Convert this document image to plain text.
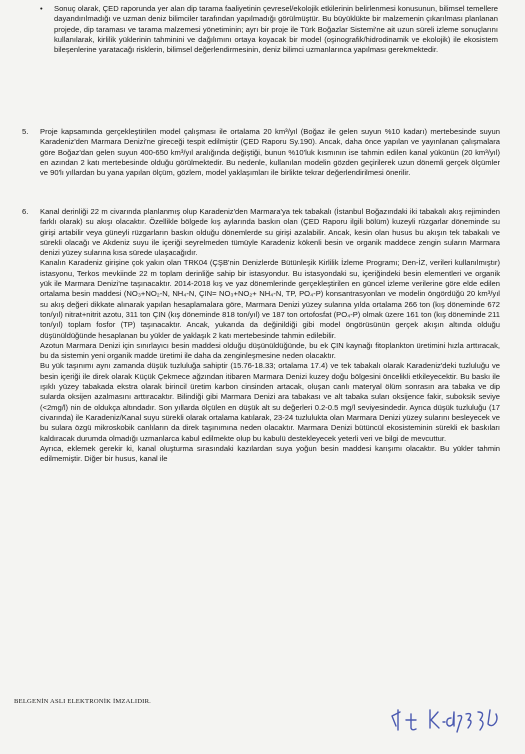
• Sonuç olarak, ÇED raporunda yer alan dip tarama faaliyetinin çevresel/ekolojik etkilerinin belirlenmesi konusunun, bilimsel temellere dayandırılmadığı ve uzman deniz bilimciler tarafından yapılmadığı görülmüştür. Bu büyüklükte bir malzemenin çıkarılması planlanan projede, dip taraması ve tarama malzemesi yönetiminin; ayrı bir proje ile Türk Boğazlar Sistemi'ne ait uzun süreli izleme sonuçlarını kullanılarak, kirlilik yüklerinin tahminini ve dağılımını ortaya koyacak bir model (oşinografik/hidrodinamik ve ekolojik) ile ekosistem bileşenlerine yaratacağı risklerin, bilimsel değerlendirmesinin, deniz bilimci uzmanlarınca yapılması gerekmektedir.
5. Proje kapsamında gerçekleştirilen model çalışması ile ortalama 20 km³/yıl (Boğaz ile gelen suyun %10 kadarı) mertebesinde suyun Karadeniz'den Marmara Denizi'ne gireceği tespit edilmiştir (ÇED Raporu Sy.190). Ancak, daha önce yapılan ve yayınlanan çalışmalara göre Boğaz'dan gelen suyun 400-650 km³/yıl aralığında değiştiği, bunun %10'luk kısmının ise tahmin edilen kanal yükünün (20 km³/yıl) en azından 2 katı mertebesinde olduğu görülmektedir. Bu nedenle, kullanılan modelin gözden geçirilerek uzun dönemli gerçek ölçümler ve 90'lı yıllardan bu yana yapılan ölçüm, gözlem, model yaklaşımları ile birlikte tekrar değerlendirilmesi önerilir.

6. Kanal derinliği 22 m civarında planlanmış olup Karadeniz'den Marmara'ya tek tabakalı (İstanbul Boğazındaki iki tabakalı akış rejiminden farklı olarak) su akışı olacaktır. Özellikle bölgede kış aylarında baskın olan (ÇED Raporu ilgili bölüm) kuzeyli rüzgarlar döneminde su girişi artabilir veya güneyli rüzgarların baskın olduğu dönemlerde su girişi azalabilir. Ancak, kesin olan husus bu akışın tek tabakalı ve sürekli olacağı ve Akdeniz suyu ile içeriği seyrelmeden tümüyle Karadeniz kökenli besin ve organik maddece zengin suların Marmara denizi yüzey sularına kısa sürede ulaşacağıdır.

Kanalın Karadeniz girişine çok yakın olan TRK04 (ÇŞB'nin Denizlerde Bütünleşik Kirlilik İzleme Programı; Den-İZ, verileri kullanılmıştır) istasyonu, Terkos mevkiinde 22 m toplam derinliğe sahip bir istasyondur. Bu istasyondaki su, içeriğindeki besin elementleri ve organik yük ile Marmara Denizi'ne taşınacaktır. 2014-2018 kış ve yaz dönemlerinde gerçekleştirilen en güncel izleme verilerine göre elde edilen ortalama besin maddesi (NO₃+NO₂-N, NH₄-N, ÇIN= NO₃+NO₂+ NH₄-N, TP, PO₄-P) konsantrasyonları ve modelin öngördüğü 20 km³/yıl su akış değeri dikkate alınarak yapılan hesaplamalara göre, Marmara Denizi yüzey sularına yılda ortalama 266 ton (kış döneminde 672 ton/yıl) nitrat+nitrit azotu, 311 ton ÇIN (kış döneminde 818 ton/yıl) ve 187 ton ortofosfat (PO₄-P) olmak üzere 161 ton (kış döneminde 211 ton/yıl) toplam fosfor (TP) taşınacaktır. Ancak, yukarıda da değinildiği gibi model öngörüsünün gerçek akışın altında olduğu düşünüldüğünde hesaplanan bu yükler de yaklaşık 2 katı mertebesinde tahmin edilebilir.

Azotun Marmara Denizi için sınırlayıcı besin maddesi olduğu düşünüldüğünde, bu ek ÇIN kaynağı fitoplankton üretimini hızla arttıracak, bu da sistemin yeni organik madde üretimi ile daha da zenginleşmesine neden olacaktır.

Bu yük taşınımı aynı zamanda düşük tuzluluğa sahiptir (15.76-18.33; ortalama 17.4) ve tek tabakalı olarak Karadeniz'deki tuzluluğu ve besin içeriği ile direk olarak Küçük Çekmece ağzından itibaren Marmara Denizi kuzey doğu bölgesini öncelikli etkileyecektir. Bu baskı ile ışıklı yüzey tabakada ekstra olarak birincil üretim karbon cinsinden artacak, oluşan canlı materyal ölüm sonrasın ara tabaka ve dip sularda oksijen azalmasını arttıracaktır. Bilindiği gibi Marmara Denizi ara tabakası ve alt tabaka suları oksijence fakir, suboksik seviye (<2mg/l) nin de oldukça altındadır. Son yıllarda ölçülen en düşük alt su değerleri 0.2-0.5 mg/l seviyesindedir. Ayrıca düşük tuzluluğu (17 civarında) ile Karadeniz/Kanal suyu sürekli olarak ortalama katılarak, 23-24 tuzlulukta olan Marmara Denizi yüzey sularını besleyecek ve bu sulara özgü mikroskobik canlıların da direk taşınımına neden olacaktır. Marmara Denizi bütüncül ekosisteminin sürekli ek baskıları kaldıracak durumda olmadığı uzmanlarca kabul edilmekte olup bu kabulü destekleyecek yeterli veri ve bilgi de mevcuttur.

Ayrıca, eklemek gerekir ki, kanal oluşturma sırasındaki kazılardan suya yoğun besin maddesi karışımı olacaktır. Bu yükler tahmin edilmemiştir. Diğer bir husus, kanal ile

BELGENİN ASLI ELEKTRONİK İMZALIDIR.
